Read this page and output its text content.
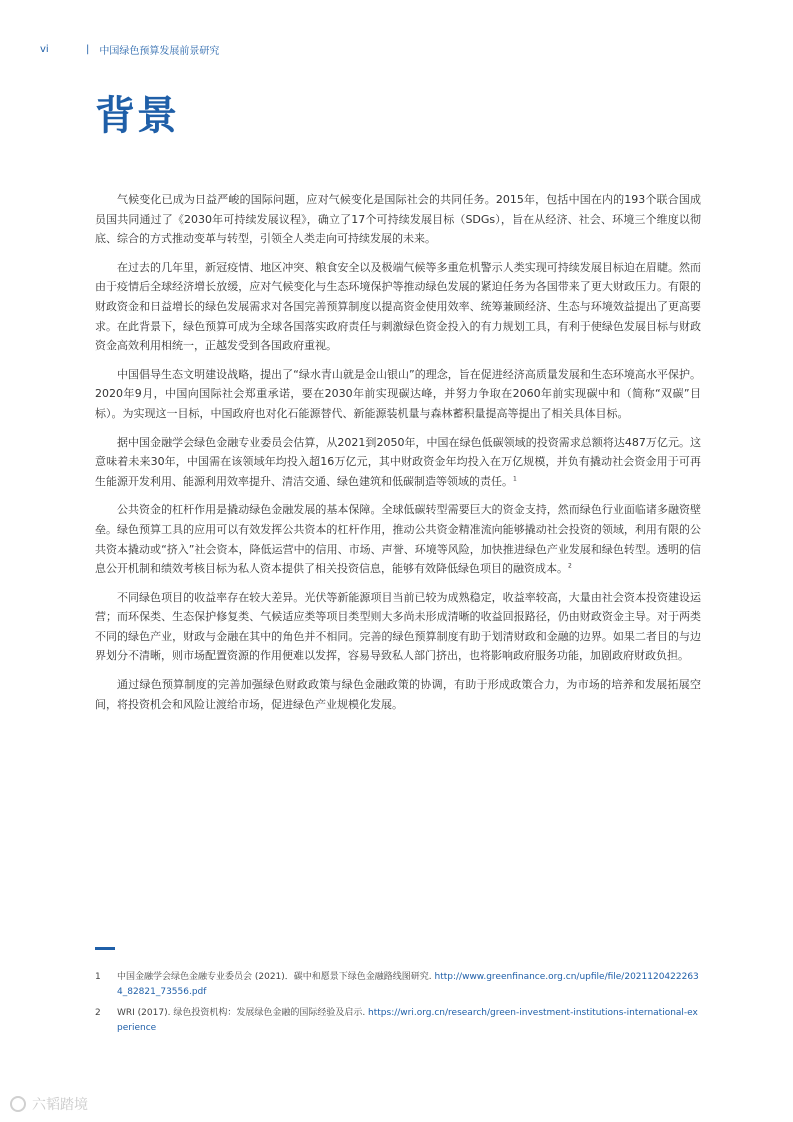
vi	| 中国绿色预算发展前景研究
背景

气候变化已成为日益严峻的国际问题，应对气候变化是国际社会的共同任务。2015年，包括中国在内的193个联合国成员国共同通过了《2030年可持续发展议程》，确立了17个可持续发展目标（SDGs），旨在从经济、社会、环境三个维度以彻底、综合的方式推动变革与转型，引领全人类走向可持续发展的未来。

在过去的几年里，新冠疫情、地区冲突、粮食安全以及极端气候等多重危机警示人类实现可持续发展目标迫在眉睫。然而由于疫情后全球经济增长放缓，应对气候变化与生态环境保护等推动绿色发展的紧迫任务为各国带来了更大财政压力。有限的财政资金和日益增长的绿色发展需求对各国完善预算制度以提高资金使用效率、统筹兼顾经济、生态与环境效益提出了更高要求。在此背景下，绿色预算可成为全球各国落实政府责任与刺激绿色资金投入的有力规划工具，有利于使绿色发展目标与财政资金高效利用相统一，正越发受到各国政府重视。

中国倡导生态文明建设战略，提出了“绿水青山就是金山银山”的理念，旨在促进经济高质量发展和生态环境高水平保护。2020年9月，中国向国际社会郑重承诺，要在2030年前实现碳达峰，并努力争取在2060年前实现碳中和（简称“双碳”目标）。为实现这一目标，中国政府也对化石能源替代、新能源装机量与森林蓄积量提高等提出了相关具体目标。

据中国金融学会绿色金融专业委员会估算，从2021到2050年，中国在绿色低碳领域的投资需求总额将达487万亿元。这意味着未来30年，中国需在该领域年均投入超16万亿元，其中财政资金年均投入在万亿规模，并负有撬动社会资金用于可再生能源开发利用、能源利用效率提升、清洁交通、绿色建筑和低碳制造等领域的责任。$^1$

公共资金的杠杆作用是撬动绿色金融发展的基本保障。全球低碳转型需要巨大的资金支持，然而绿色行业面临诸多融资壁垒。绿色预算工具的应用可以有效发挥公共资本的杠杆作用，推动公共资金精准流向能够撬动社会投资的领域，利用有限的公共资本撬动或“挤入”社会资本，降低运营中的信用、市场、声誉、环境等风险，加快推进绿色产业发展和绿色转型。透明的信息公开机制和绩效考核目标为私人资本提供了相关投资信息，能够有效降低绿色项目的融资成本。$^2$

不同绿色项目的收益率存在较大差异。光伏等新能源项目当前已较为成熟稳定，收益率较高，大量由社会资本投资建设运营；而环保类、生态保护修复类、气候适应类等项目类型则大多尚未形成清晰的收益回报路径，仍由财政资金主导。对于两类不同的绿色产业，财政与金融在其中的角色并不相同。完善的绿色预算制度有助于划清财政和金融的边界。如果二者目的与边界划分不清晰，则市场配置资源的作用便难以发挥，容易导致私人部门挤出，也将影响政府服务功能，加剧政府财政负担。

通过绿色预算制度的完善加强绿色财政政策与绿色金融政策的协调，有助于形成政策合力，为市场的培养和发展拓展空间，将投资机会和风险让渡给市场，促进绿色产业规模化发展。

1	中国金融学会绿色金融专业委员会 (2021)．碳中和愿景下绿色金融路线图研究. http://www.greenfinance.org.cn/upfile/file/20211204222634_82821_73556.pdf
2	WRI (2017). 绿色投资机构：发展绿色金融的国际经验及启示. https://wri.org.cn/research/green-investment-institutions-international-experience
六韬踏境
